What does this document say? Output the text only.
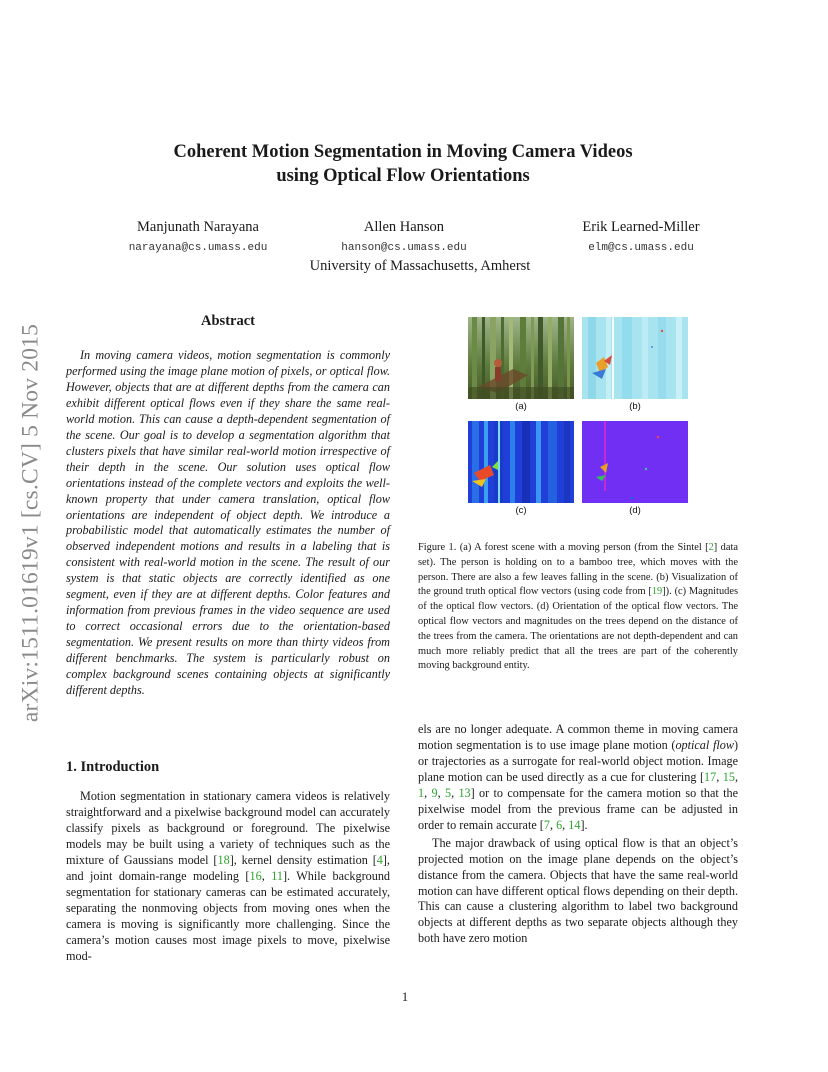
arXiv:1511.01619v1 [cs.CV] 5 Nov 2015
Coherent Motion Segmentation in Moving Camera Videos
using Optical Flow Orientations
Manjunath Narayana
narayana@cs.umass.edu
Allen Hanson
hanson@cs.umass.edu
Erik Learned-Miller
elm@cs.umass.edu
University of Massachusetts, Amherst
Abstract

In moving camera videos, motion segmentation is commonly performed using the image plane motion of pixels, or optical flow. However, objects that are at different depths from the camera can exhibit different optical flows even if they share the same real-world motion. This can cause a depth-dependent segmentation of the scene. Our goal is to develop a segmentation algorithm that clusters pixels that have similar real-world motion irrespective of their depth in the scene. Our solution uses optical flow orientations instead of the complete vectors and exploits the well-known property that under camera translation, optical flow orientations are independent of object depth. We introduce a probabilistic model that automatically estimates the number of observed independent motions and results in a labeling that is consistent with real-world motion in the scene. The result of our system is that static objects are correctly identified as one segment, even if they are at different depths. Color features and information from previous frames in the video sequence are used to correct occasional errors due to the orientation-based segmentation. We present results on more than thirty videos from different benchmarks. The system is particularly robust on complex background scenes containing objects at significantly different depths.

1. Introduction

Motion segmentation in stationary camera videos is relatively straightforward and a pixelwise background model can accurately classify pixels as background or foreground. The pixelwise models may be built using a variety of techniques such as the mixture of Gaussians model [18], kernel density estimation [4], and joint domain-range modeling [16, 11]. While background segmentation for stationary cameras can be estimated accurately, separating the nonmoving objects from moving ones when the camera is moving is significantly more challenging. Since the camera’s motion causes most image pixels to move, pixelwise mod-

(a)	(b)
(c)	(d)

Figure 1. (a) A forest scene with a moving person (from the Sintel [2] data set). The person is holding on to a bamboo tree, which moves with the person. There are also a few leaves falling in the scene. (b) Visualization of the ground truth optical flow vectors (using code from [19]). (c) Magnitudes of the optical flow vectors. (d) Orientation of the optical flow vectors. The optical flow vectors and magnitudes on the trees depend on the distance of the trees from the camera. The orientations are not depth-dependent and can much more reliably predict that all the trees are part of the coherently moving background entity.

els are no longer adequate. A common theme in moving camera motion segmentation is to use image plane motion (optical flow) or trajectories as a surrogate for real-world object motion. Image plane motion can be used directly as a cue for clustering [17, 15, 1, 9, 5, 13] or to compensate for the camera motion so that the pixelwise model from the previous frame can be adjusted in order to remain accurate [7, 6, 14].

The major drawback of using optical flow is that an object’s projected motion on the image plane depends on the object’s distance from the camera. Objects that have the same real-world motion can have different optical flows depending on their depth. This can cause a clustering algorithm to label two background objects at different depths as two separate objects although they both have zero motion

1
